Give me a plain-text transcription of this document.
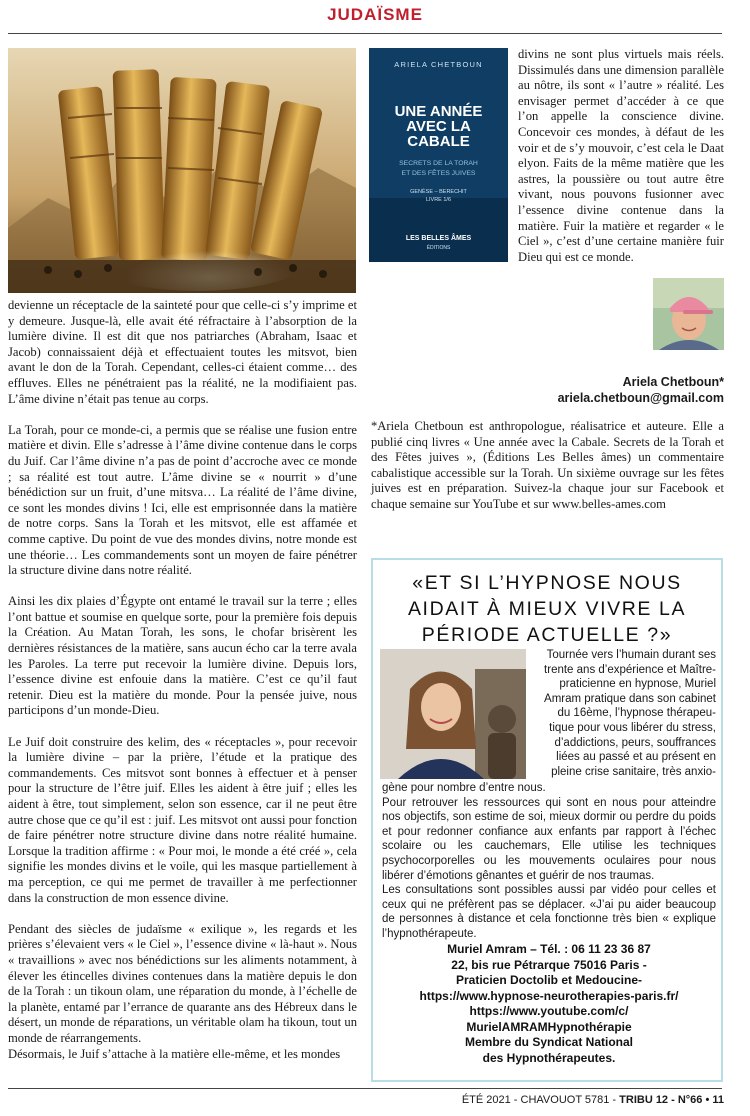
JUDAÏSME
ARIELA CHETBOUN
UNE ANNÉE
AVEC LA
CABALE
SECRETS DE LA TORAH
ET DES FÊTES JUIVES
GENÈSE – BERECHIT
LIVRE 1/6
LES BELLES ÂMES
ÉDITIONS

divins ne sont plus virtuels mais réels. Dissimulés dans une dimension parallèle au nôtre, ils sont « l’autre » réalité. Les envisager permet d’accéder à ce que l’on appelle la conscience divine. Concevoir ces mondes, à défaut de les voir et de s’y mouvoir, c’est cela le Daat elyon. Faits de la même matière que les astres, la poussière ou tout autre être vivant, nous pouvons fusionner avec l’essence divine contenue dans la matière. Fuir la matière et regarder « le Ciel », c’est d’une certaine manière fuir Dieu qui est ce monde.

Ariela Chetboun*
ariela.chetboun@gmail.com

*Ariela Chetboun est anthropologue, réalisatrice et auteure. Elle a publié cinq livres « Une année avec la Cabale. Secrets de la Torah et des Fêtes juives », (Éditions Les Belles âmes) un commentaire cabalistique accessible sur la Torah. Un sixième ouvrage sur les fêtes juives est en préparation. Suivez-la chaque jour sur Facebook et chaque semaine sur YouTube et sur www.belles-ames.com

devienne un réceptacle de la sainteté pour que celle-ci s’y imprime et y demeure. Jusque-là, elle avait été réfractaire à l’absorption de la lumière divine. Il est dit que nos patriarches (Abraham, Isaac et Jacob) connaissaient déjà et effectuaient toutes les mitsvot, bien avant le don de la Torah. Cependant, celles-ci étaient comme… des effluves. Elles ne pénétraient pas la réalité, ne la modifiaient pas. L’âme divine n’était pas tenue au corps.

La Torah, pour ce monde-ci, a permis que se réalise une fusion entre matière et divin. Elle s’adresse à l’âme divine contenue dans le corps du Juif. Car l’âme divine n’a pas de point d’accroche avec ce monde ; sa réalité est tout autre. L’âme divine se « nourrit » d’une bénédiction sur un fruit, d’une mitsva… La réalité de l’âme divine, ce sont les mondes divins ! Ici, elle est emprisonnée dans la matière de notre corps. Sans la Torah et les mitsvot, elle est affamée et comme captive. Du point de vue des mondes divins, notre monde est une théorie… Les commandements sont un moyen de faire pénétrer la structure divine dans notre réalité.

Ainsi les dix plaies d’Égypte ont entamé le travail sur la terre ; elles l’ont battue et soumise en quelque sorte, pour la première fois depuis la Création. Au Matan Torah, les sons, le chofar brisèrent les dernières résistances de la matière, sans aucun écho car la terre avala les Paroles. La terre put recevoir la lumière divine. Depuis lors, l’essence divine est enfouie dans la matière. C’est ce qu’il faut retenir. Dieu est la matière du monde. Pour la pensée juive, nous participons d’un monde-Dieu.

Le Juif doit construire des kelim, des « réceptacles », pour recevoir la lumière divine – par la prière, l’étude et la pratique des commandements. Ces mitsvot sont bonnes à effectuer et à penser pour la structure de l’être juif. Elles les aident à être juif ; elles les aident à être, tout simplement, selon son essence, car il ne peut être autre chose que ce qu’il est : juif. Les mitsvot ont aussi pour fonction de faire pénétrer notre structure divine dans notre réalité humaine. Lorsque la tradition affirme : « Pour moi, le monde a été créé », cela signifie les mondes divins et le voile, qui les masque partiellement à ma perception, ce qui me permet de travailler à me perfectionner dans la construction de mon essence divine.

Pendant des siècles de judaïsme « exilique », les regards et les prières s’élevaient vers « le Ciel », l’essence divine « là-haut ». Nous « travaillions » avec nos bénédictions sur les aliments notamment, à élever les étincelles divines contenues dans la matière depuis le don de la Torah : un tikoun olam, une réparation du monde, à l’échelle de la planète, entamé par l’errance de quarante ans des Hébreux dans le désert, un monde de réparations, un véritable olam ha tikoun, tout un monde de réarrangements.

Désormais, le Juif s’attache à la matière elle-même, et les mondes

«ET SI L’HYPNOSE NOUS
AIDAIT À MIEUX VIVRE LA
PÉRIODE ACTUELLE ?»
Tournée vers l’humain durant ses
trente ans d’expérience et Maître-
praticienne en hypnose, Muriel
Amram pratique dans son cabinet
du 16ème, l’hypnose thérapeu-
tique pour vous libérer du stress,
d’addictions, peurs, souffrances
liées au passé et au présent en
pleine crise sanitaire, très anxio-
gène pour nombre d’entre nous.
Pour retrouver les ressources qui sont en nous pour atteindre nos objectifs, son estime de soi, mieux dormir ou perdre du poids et pour redonner confiance aux enfants par rapport à l’échec scolaire ou les cauchemars, Elle utilise les techniques psychocorporelles ou les mouvements oculaires pour nous libérer d’émotions gênantes et guérir de nos traumas.
Les consultations sont possibles aussi par vidéo pour celles et ceux qui ne préfèrent pas se déplacer. «J’ai pu aider beaucoup de personnes à distance et cela fonctionne très bien « explique l’hypnothérapeute.
Muriel Amram – Tél. : 06 11 23 36 87
22, bis rue Pétrarque 75016 Paris -
Praticien Doctolib et Medoucine-
https://www.hypnose-neurotherapies-paris.fr/
https://www.youtube.com/c/
MurielAMRAMHypnothérapie
Membre du Syndicat National
des Hypnothérapeutes.
ÉTÉ 2021 - CHAVOUOT 5781 - TRIBU 12 - N°66 • 11
